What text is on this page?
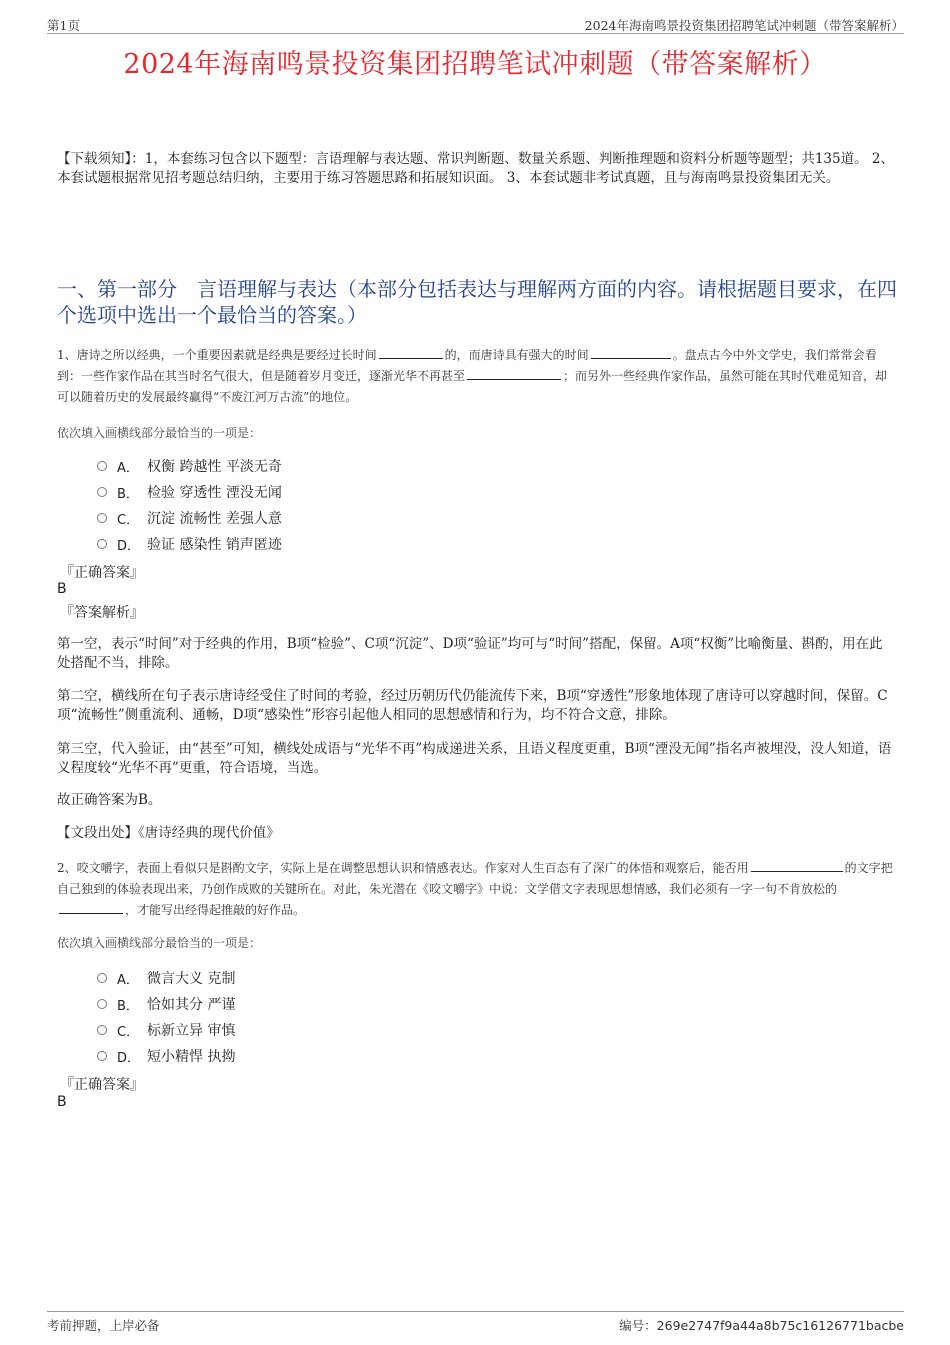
第1页	2024年海南鸣景投资集团招聘笔试冲刺题（带答案解析）
2024年海南鸣景投资集团招聘笔试冲刺题（带答案解析）
【下载须知】：1，本套练习包含以下题型：言语理解与表达题、常识判断题、数量关系题、判断推理题和资料分析题等题型；共135道。 2、本套试题根据常见招考题总结归纳，主要用于练习答题思路和拓展知识面。 3、本套试题非考试真题，且与海南鸣景投资集团无关。
一、第一部分　言语理解与表达（本部分包括表达与理解两方面的内容。请根据题目要求，在四个选项中选出一个最恰当的答案。）
1、唐诗之所以经典，一个重要因素就是经典是要经过长时间	的，而唐诗具有强大的时间	。盘点古今中外文学史，我们常常会看到：一些作家作品在其当时名气很大，但是随着岁月变迁，逐渐光华不再甚至	；而另外一些经典作家作品，虽然可能在其时代难觅知音，却可以随着历史的发展最终赢得“不废江河万古流”的地位。
依次填入画横线部分最恰当的一项是：
A． 权衡 跨越性 平淡无奇
B． 检验 穿透性 湮没无闻
C． 沉淀 流畅性 差强人意
D． 验证 感染性 销声匿迹
『正确答案』
B
『答案解析』
第一空，表示“时间”对于经典的作用，B项“检验”、C项“沉淀”、D项“验证”均可与“时间”搭配，保留。A项“权衡”比喻衡量、斟酌，用在此处搭配不当，排除。
第二空，横线所在句子表示唐诗经受住了时间的考验，经过历朝历代仍能流传下来，B项“穿透性”形象地体现了唐诗可以穿越时间，保留。C项“流畅性”侧重流利、通畅，D项“感染性”形容引起他人相同的思想感情和行为，均不符合文意，排除。
第三空，代入验证，由“甚至”可知，横线处成语与“光华不再”构成递进关系，且语义程度更重，B项“湮没无闻”指名声被埋没，没人知道，语义程度较“光华不再”更重，符合语境，当选。
故正确答案为B。
【文段出处】《唐诗经典的现代价值》
2、咬文嚼字，表面上看似只是斟酌文字，实际上是在调整思想认识和情感表达。作家对人生百态有了深广的体悟和观察后，能否用	的文字把自己独到的体验表现出来，乃创作成败的关键所在。对此，朱光潜在《咬文嚼字》中说：文学借文字表现思想情感，我们必须有一字一句不肯放松的，才能写出经得起推敲的好作品。
依次填入画横线部分最恰当的一项是：
A． 微言大义 克制
B． 恰如其分 严谨
C． 标新立异 审慎
D． 短小精悍 执拗
『正确答案』
B
考前押题，上岸必备	编号：269e2747f9a44a8b75c16126771bacbe
